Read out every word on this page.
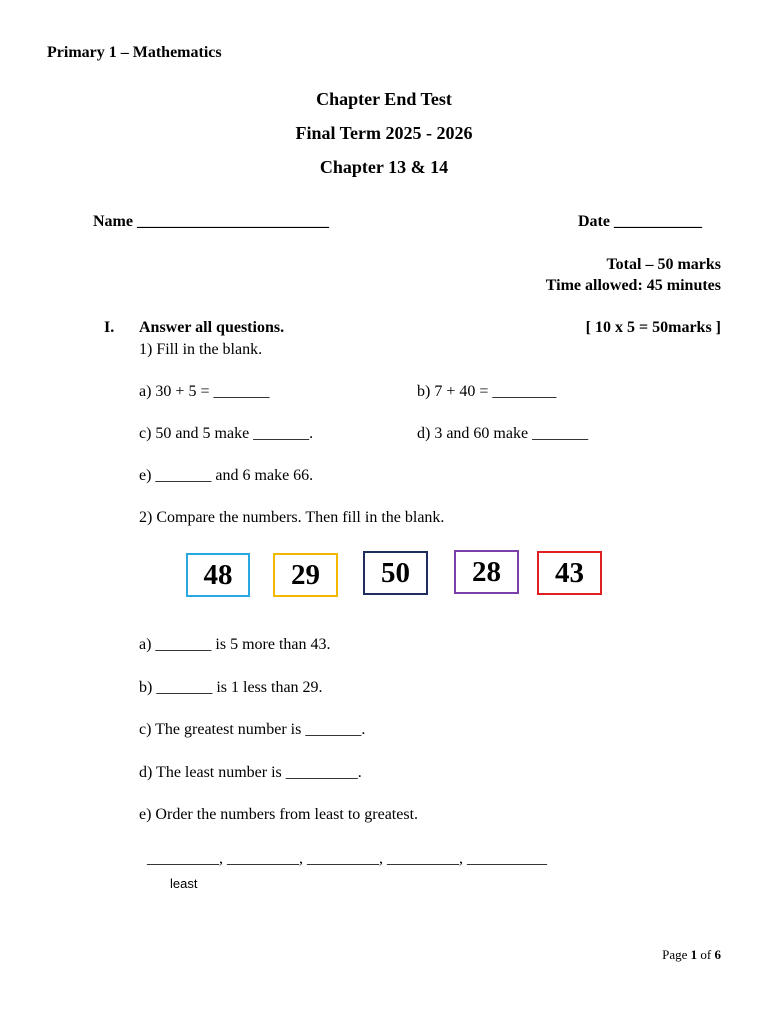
Primary 1 – Mathematics
Chapter End Test
Final Term 2025 - 2026
Chapter 13 & 14
Name ________________________	Date ___________
Total – 50 marks
Time allowed: 45 minutes
I. Answer all questions.	[ 10 x 5 = 50marks ]
1) Fill in the blank.
a) 30 + 5 = _______	b) 7 + 40 = ________
c) 50 and 5 make _______.	d) 3 and 60 make _______
e) _______ and 6 make 66.
2) Compare the numbers. Then fill in the blank.
48	29	50	28	43
a) _______ is 5 more than 43.
b) _______ is 1 less than 29.
c) The greatest number is _______.
d) The least number is _________.
e) Order the numbers from least to greatest.
_________, _________, _________, _________, __________
least
Page 1 of 6
